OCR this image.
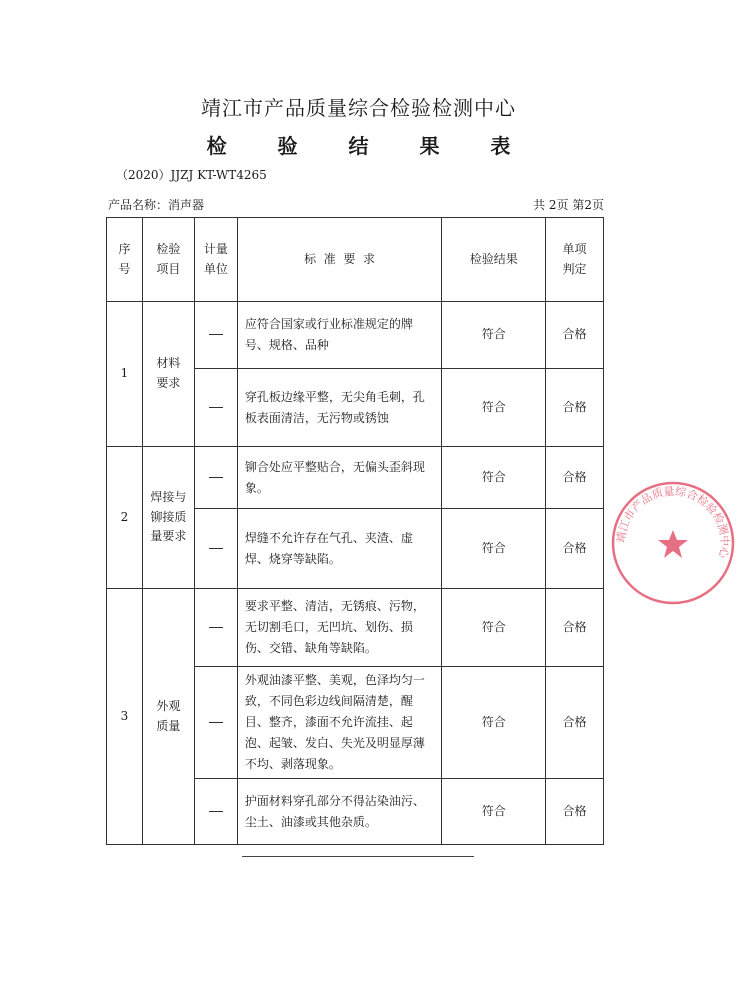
靖江市产品质量综合检验检测中心
检 验 结 果 表
（2020）JJZJ KT-WT4265
产品名称：消声器	共 2页 第2页
序号	检验项目	计量单位	标  准  要  求	检验结果	单项判定

1	材料要求		应符合国家或行业标准规定的牌号、规格、品种	符合	合格
			穿孔板边缘平整，无尖角毛刺，孔板表面清洁，无污物或锈蚀	符合	合格
2	焊接与铆接质量要求		铆合处应平整贴合，无偏头歪斜现象。	符合	合格
			焊缝不允许存在气孔、夹渣、虚焊、烧穿等缺陷。	符合	合格
3	外观质量		要求平整、清洁，无锈痕、污物，无切割毛口，无凹坑、划伤、损伤、交错、缺角等缺陷。	符合	合格
			外观油漆平整、美观，色泽均匀一致，不同色彩边线间隔清楚，醒目、整齐，漆面不允许流挂、起泡、起皱、发白、失光及明显厚薄不均、剥落现象。	符合	合格
			护面材料穿孔部分不得沾染油污、尘土、油漆或其他杂质。	符合	合格
靖江市产品质量综合检验检测中心
